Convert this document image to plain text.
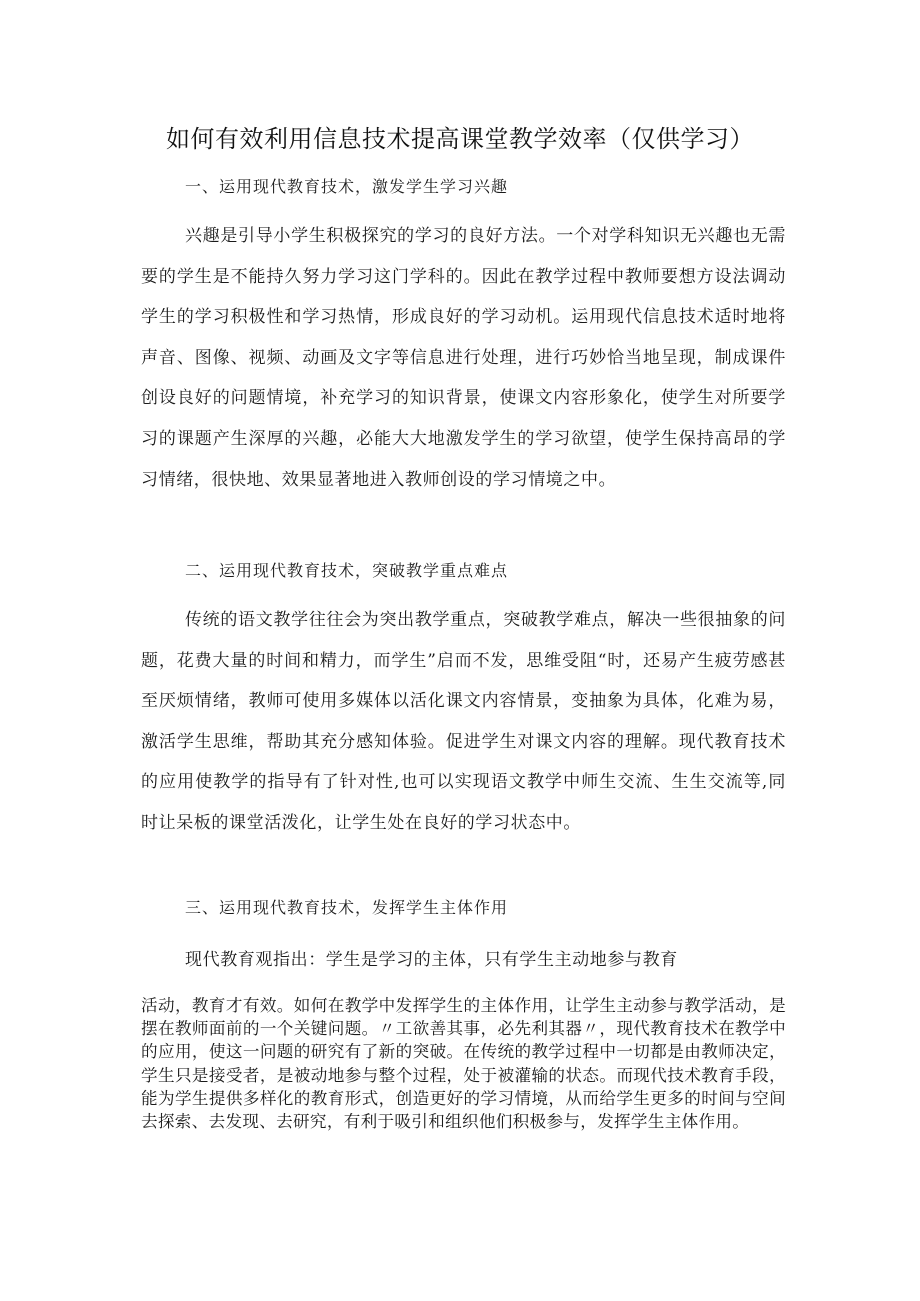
如何有效利用信息技术提高课堂教学效率（仅供学习）
一、运用现代教育技术，激发学生学习兴趣
兴趣是引导小学生积极探究的学习的良好方法。一个对学科知识无兴趣也无需要的学生是不能持久努力学习这门学科的。因此在教学过程中教师要想方设法调动学生的学习积极性和学习热情，形成良好的学习动机。运用现代信息技术适时地将声音、图像、视频、动画及文字等信息进行处理，进行巧妙恰当地呈现，制成课件创设良好的问题情境，补充学习的知识背景，使课文内容形象化，使学生对所要学习的课题产生深厚的兴趣，必能大大地激发学生的学习欲望，使学生保持高昂的学习情绪，很快地、效果显著地进入教师创设的学习情境之中。
二、运用现代教育技术，突破教学重点难点
传统的语文教学往往会为突出教学重点，突破教学难点，解决一些很抽象的问题，花费大量的时间和精力，而学生”启而不发，思维受阻“时，还易产生疲劳感甚至厌烦情绪，教师可使用多媒体以活化课文内容情景，变抽象为具体，化难为易，激活学生思维，帮助其充分感知体验。促进学生对课文内容的理解。现代教育技术的应用使教学的指导有了针对性,也可以实现语文教学中师生交流、生生交流等,同时让呆板的课堂活泼化，让学生处在良好的学习状态中。
三、运用现代教育技术，发挥学生主体作用
现代教育观指出：学生是学习的主体，只有学生主动地参与教育
活动，教育才有效。如何在教学中发挥学生的主体作用，让学生主动参与教学活动，是摆在教师面前的一个关键问题。〃工欲善其事，必先利其器〃，现代教育技术在教学中的应用，使这一问题的研究有了新的突破。在传统的教学过程中一切都是由教师决定，学生只是接受者，是被动地参与整个过程，处于被灌输的状态。而现代技术教育手段，能为学生提供多样化的教育形式，创造更好的学习情境，从而给学生更多的时间与空间去探索、去发现、去研究，有利于吸引和组织他们积极参与，发挥学生主体作用。
